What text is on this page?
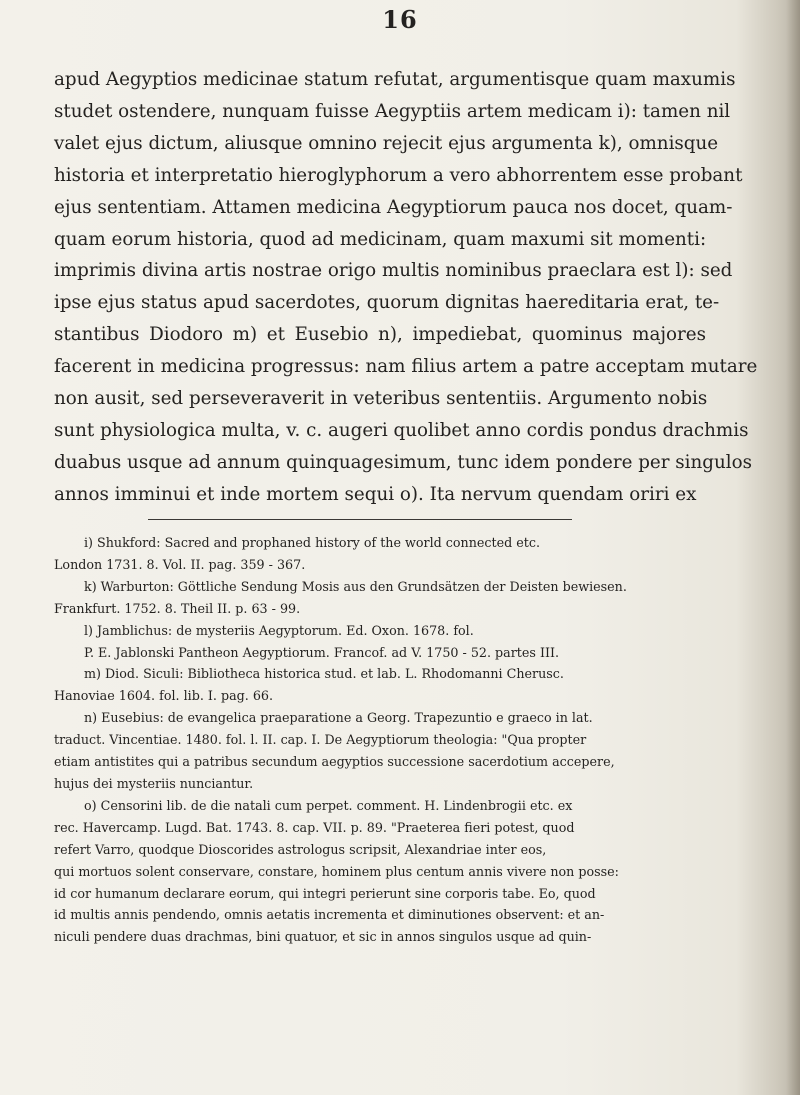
16
apud Aegyptios medicinae statum refutat, argumentisque quam maxumis
studet ostendere, nunquam fuisse Aegyptiis artem medicam i): tamen nil
valet ejus dictum, aliusque omnino rejecit ejus argumenta k), omnisque
historia et interpretatio hieroglyphorum a vero abhorrentem esse probant
ejus sententiam. Attamen medicina Aegyptiorum pauca nos docet, quam-
quam eorum historia, quod ad medicinam, quam maxumi sit momenti:
imprimis divina artis nostrae origo multis nominibus praeclara est l): sed
ipse ejus status apud sacerdotes, quorum dignitas haereditaria erat, te-
stantibus Diodoro m) et Eusebio n), impediebat, quominus majores
facerent in medicina progressus: nam filius artem a patre acceptam mutare
non ausit, sed perseveraverit in veteribus sententiis. Argumento nobis
sunt physiologica multa, v. c. augeri quolibet anno cordis pondus drachmis
duabus usque ad annum quinquagesimum, tunc idem pondere per singulos
annos imminui et inde mortem sequi o). Ita nervum quendam oriri ex
i) Shukford: Sacred and prophaned history of the world connected etc.
London 1731. 8. Vol. II. pag. 359 - 367.
k) Warburton: Göttliche Sendung Mosis aus den Grundsätzen der Deisten bewiesen.
Frankfurt. 1752. 8. Theil II. p. 63 - 99.
l) Jamblichus: de mysteriis Aegyptorum. Ed. Oxon. 1678. fol.
P. E. Jablonski Pantheon Aegyptiorum. Francof. ad V. 1750 - 52. partes III.
m) Diod. Siculi: Bibliotheca historica stud. et lab. L. Rhodomanni Cherusc.
Hanoviae 1604. fol. lib. I. pag. 66.
n) Eusebius: de evangelica praeparatione a Georg. Trapezuntio e graeco in lat.
traduct. Vincentiae. 1480. fol. l. II. cap. I. De Aegyptiorum theologia: "Qua propter
etiam antistites qui a patribus secundum aegyptios successione sacerdotium accepere,
hujus dei mysteriis nunciantur.
o) Censorini lib. de die natali cum perpet. comment. H. Lindenbrogii etc. ex
rec. Havercamp. Lugd. Bat. 1743. 8. cap. VII. p. 89. "Praeterea fieri potest, quod
refert Varro, quodque Dioscorides astrologus scripsit, Alexandriae inter eos,
qui mortuos solent conservare, constare, hominem plus centum annis vivere non posse:
id cor humanum declarare eorum, qui integri perierunt sine corporis tabe. Eo, quod
id multis annis pendendo, omnis aetatis incrementa et diminutiones observent: et an-
niculi pendere duas drachmas, bini quatuor, et sic in annos singulos usque ad quin-
